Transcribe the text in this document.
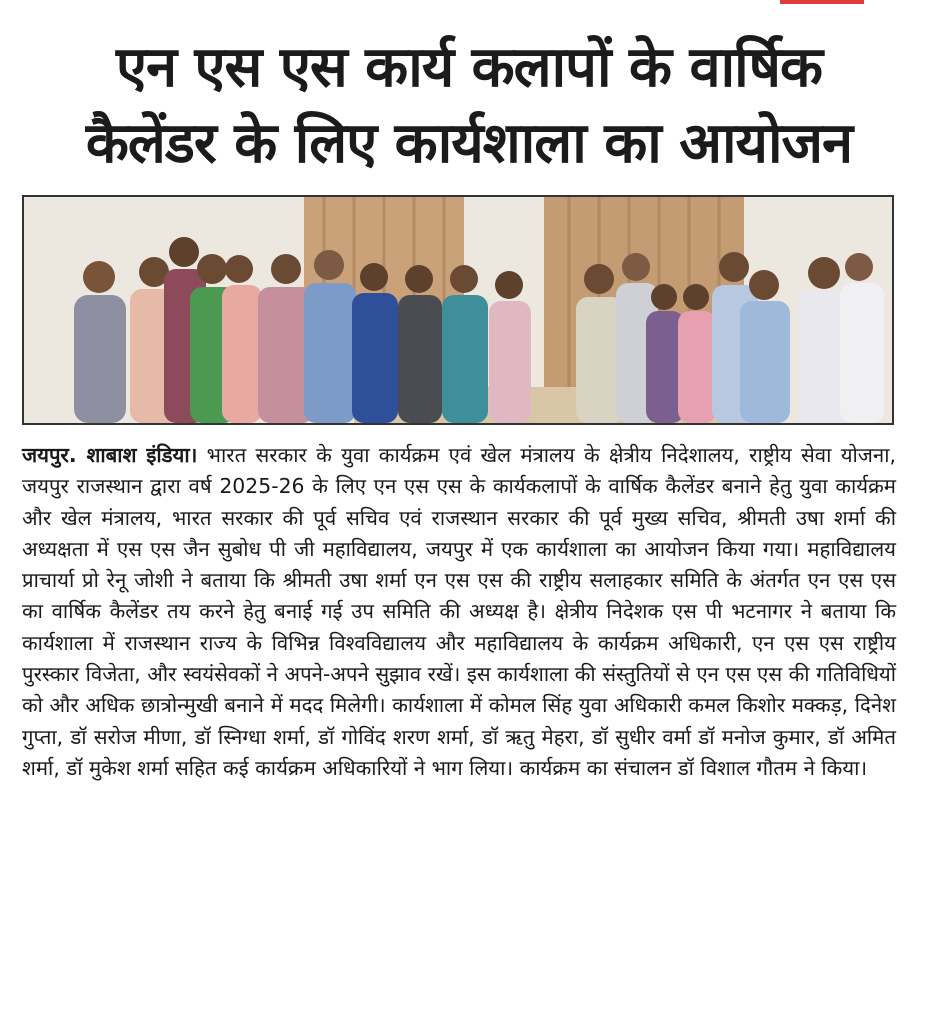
एन एस एस कार्य कलापों के वार्षिक
कैलेंडर के लिए कार्यशाला का आयोजन

जयपुर. शाबाश इंडिया। भारत सरकार के युवा कार्यक्रम एवं खेल मंत्रालय के क्षेत्रीय निदेशालय, राष्ट्रीय सेवा योजना, जयपुर राजस्थान द्वारा वर्ष 2025-26 के लिए एन एस एस के कार्यकलापों के वार्षिक कैलेंडर बनाने हेतु युवा कार्यक्रम और खेल मंत्रालय, भारत सरकार की पूर्व सचिव एवं राजस्थान सरकार की पूर्व मुख्य सचिव, श्रीमती उषा शर्मा की अध्यक्षता में एस एस जैन सुबोध पी जी महाविद्यालय, जयपुर में एक कार्यशाला का आयोजन किया गया। महाविद्यालय प्राचार्या प्रो रेनू जोशी ने बताया कि श्रीमती उषा शर्मा एन एस एस की राष्ट्रीय सलाहकार समिति के अंतर्गत एन एस एस का वार्षिक कैलेंडर तय करने हेतु बनाई गई उप समिति की अध्यक्ष है। क्षेत्रीय निदेशक एस पी भटनागर ने बताया कि कार्यशाला में राजस्थान राज्य के विभिन्न विश्वविद्यालय और महाविद्यालय के कार्यक्रम अधिकारी, एन एस एस राष्ट्रीय पुरस्कार विजेता, और स्वयंसेवकों ने अपने-अपने सुझाव रखें। इस कार्यशाला की संस्तुतियों से एन एस एस की गतिविधियों को और अधिक छात्रोन्मुखी बनाने में मदद मिलेगी। कार्यशाला में कोमल सिंह युवा अधिकारी कमल किशोर मक्कड़, दिनेश गुप्ता, डॉ सरोज मीणा, डॉ स्निग्धा शर्मा, डॉ गोविंद शरण शर्मा, डॉ ऋतु मेहरा, डॉ सुधीर वर्मा डॉ मनोज कुमार, डॉ अमित शर्मा, डॉ मुकेश शर्मा सहित कई कार्यक्रम अधिकारियों ने भाग लिया। कार्यक्रम का संचालन डॉ विशाल गौतम ने किया।
